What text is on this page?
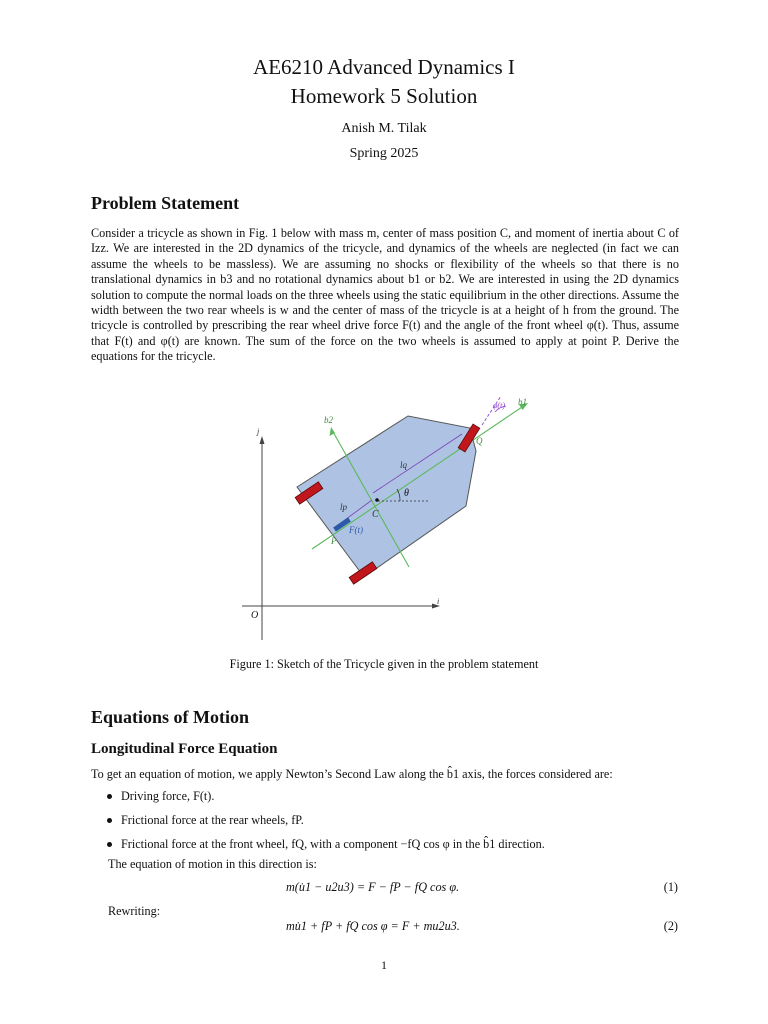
AE6210 Advanced Dynamics I
Homework 5 Solution
Anish M. Tilak
Spring 2025
Problem Statement
Consider a tricycle as shown in Fig. 1 below with mass m, center of mass position C, and moment of inertia about C of Izz. We are interested in the 2D dynamics of the tricycle, and dynamics of the wheels are neglected (in fact we can assume the wheels to be massless). We are assuming no shocks or flexibility of the wheels so that there is no translational dynamics in b3 and no rotational dynamics about b1 or b2. We are interested in using the 2D dynamics solution to compute the normal loads on the three wheels using the static equilibrium in the other directions. Assume the width between the two rear wheels is w and the center of mass of the tricycle is at a height of h from the ground. The tricycle is controlled by prescribing the rear wheel drive force F(t) and the angle of the front wheel φ(t). Thus, assume that F(t) and φ(t) are known. The sum of the force on the two wheels is assumed to apply at point P. Derive the equations for the tricycle.
j
i
O
b1
b2
θ
lq
lp
C
F(t)
P
Q
φ(t)
Figure 1: Sketch of the Tricycle given in the problem statement
Equations of Motion
Longitudinal Force Equation
To get an equation of motion, we apply Newton’s Second Law along the b̂1 axis, the forces considered are:
Driving force, F(t).
Frictional force at the rear wheels, fP.
Frictional force at the front wheel, fQ, with a component −fQ cos φ in the b̂1 direction.
The equation of motion in this direction is:
m(u̇1 − u2u3) = F − fP − fQ cos φ.	(1)
Rewriting:
mu̇1 + fP + fQ cos φ = F + mu2u3.	(2)
1
